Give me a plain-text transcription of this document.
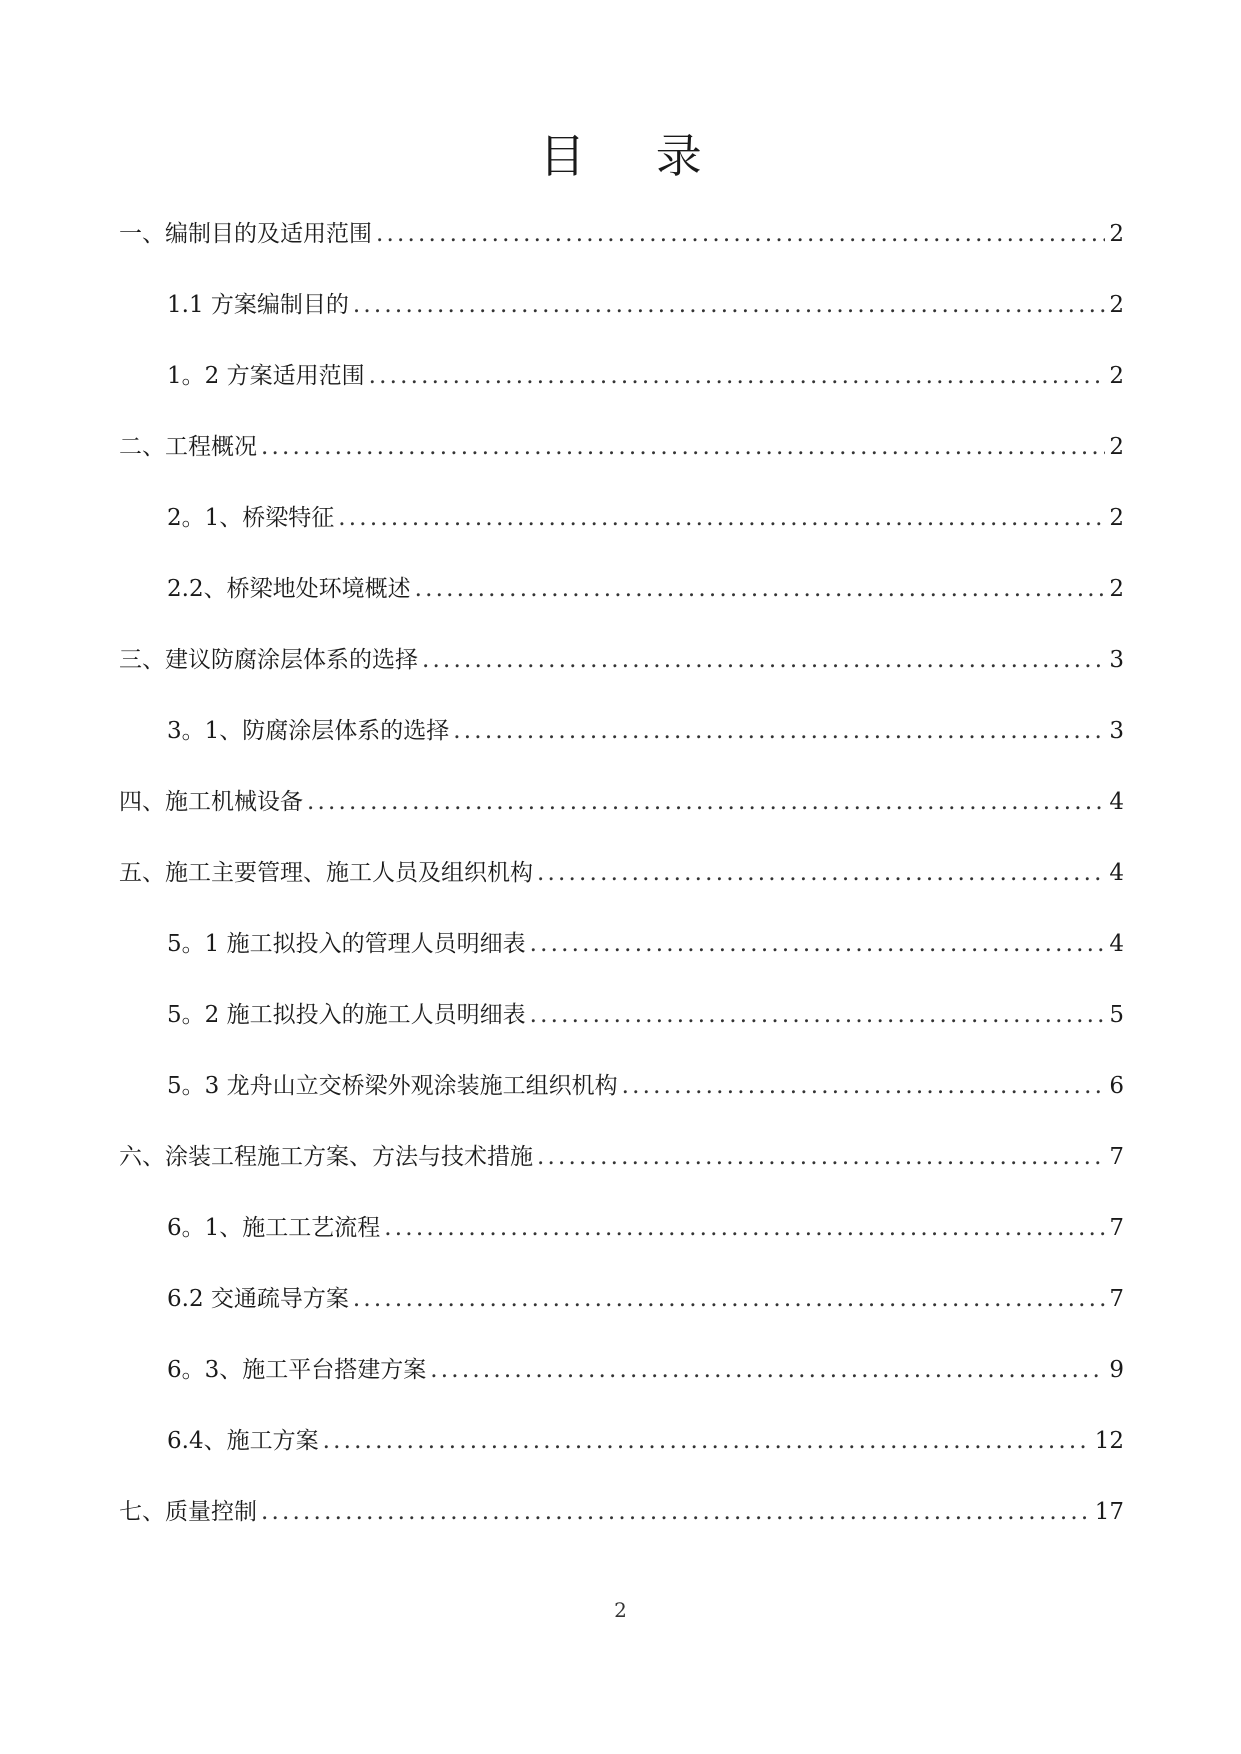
目 录
一、编制目的及适用范围 .....	2
1.1 方案编制目的 .....	2
1。2 方案适用范围 .....	2
二、工程概况 .....	2
2。1、桥梁特征 .....	2
2.2、桥梁地处环境概述 .....	2
三、建议防腐涂层体系的选择 .....	3
3。1、防腐涂层体系的选择 .....	3
四、施工机械设备 .....	4
五、施工主要管理、施工人员及组织机构 .....	4
5。1 施工拟投入的管理人员明细表 .....	4
5。2 施工拟投入的施工人员明细表 .....	5
5。3 龙舟山立交桥梁外观涂装施工组织机构 .....	6
六、涂装工程施工方案、方法与技术措施 .....	7
6。1、施工工艺流程 .....	7
6.2 交通疏导方案 .....	7
6。3、施工平台搭建方案 .....	9
6.4、施工方案 .....	12
七、质量控制 .....	17
2
